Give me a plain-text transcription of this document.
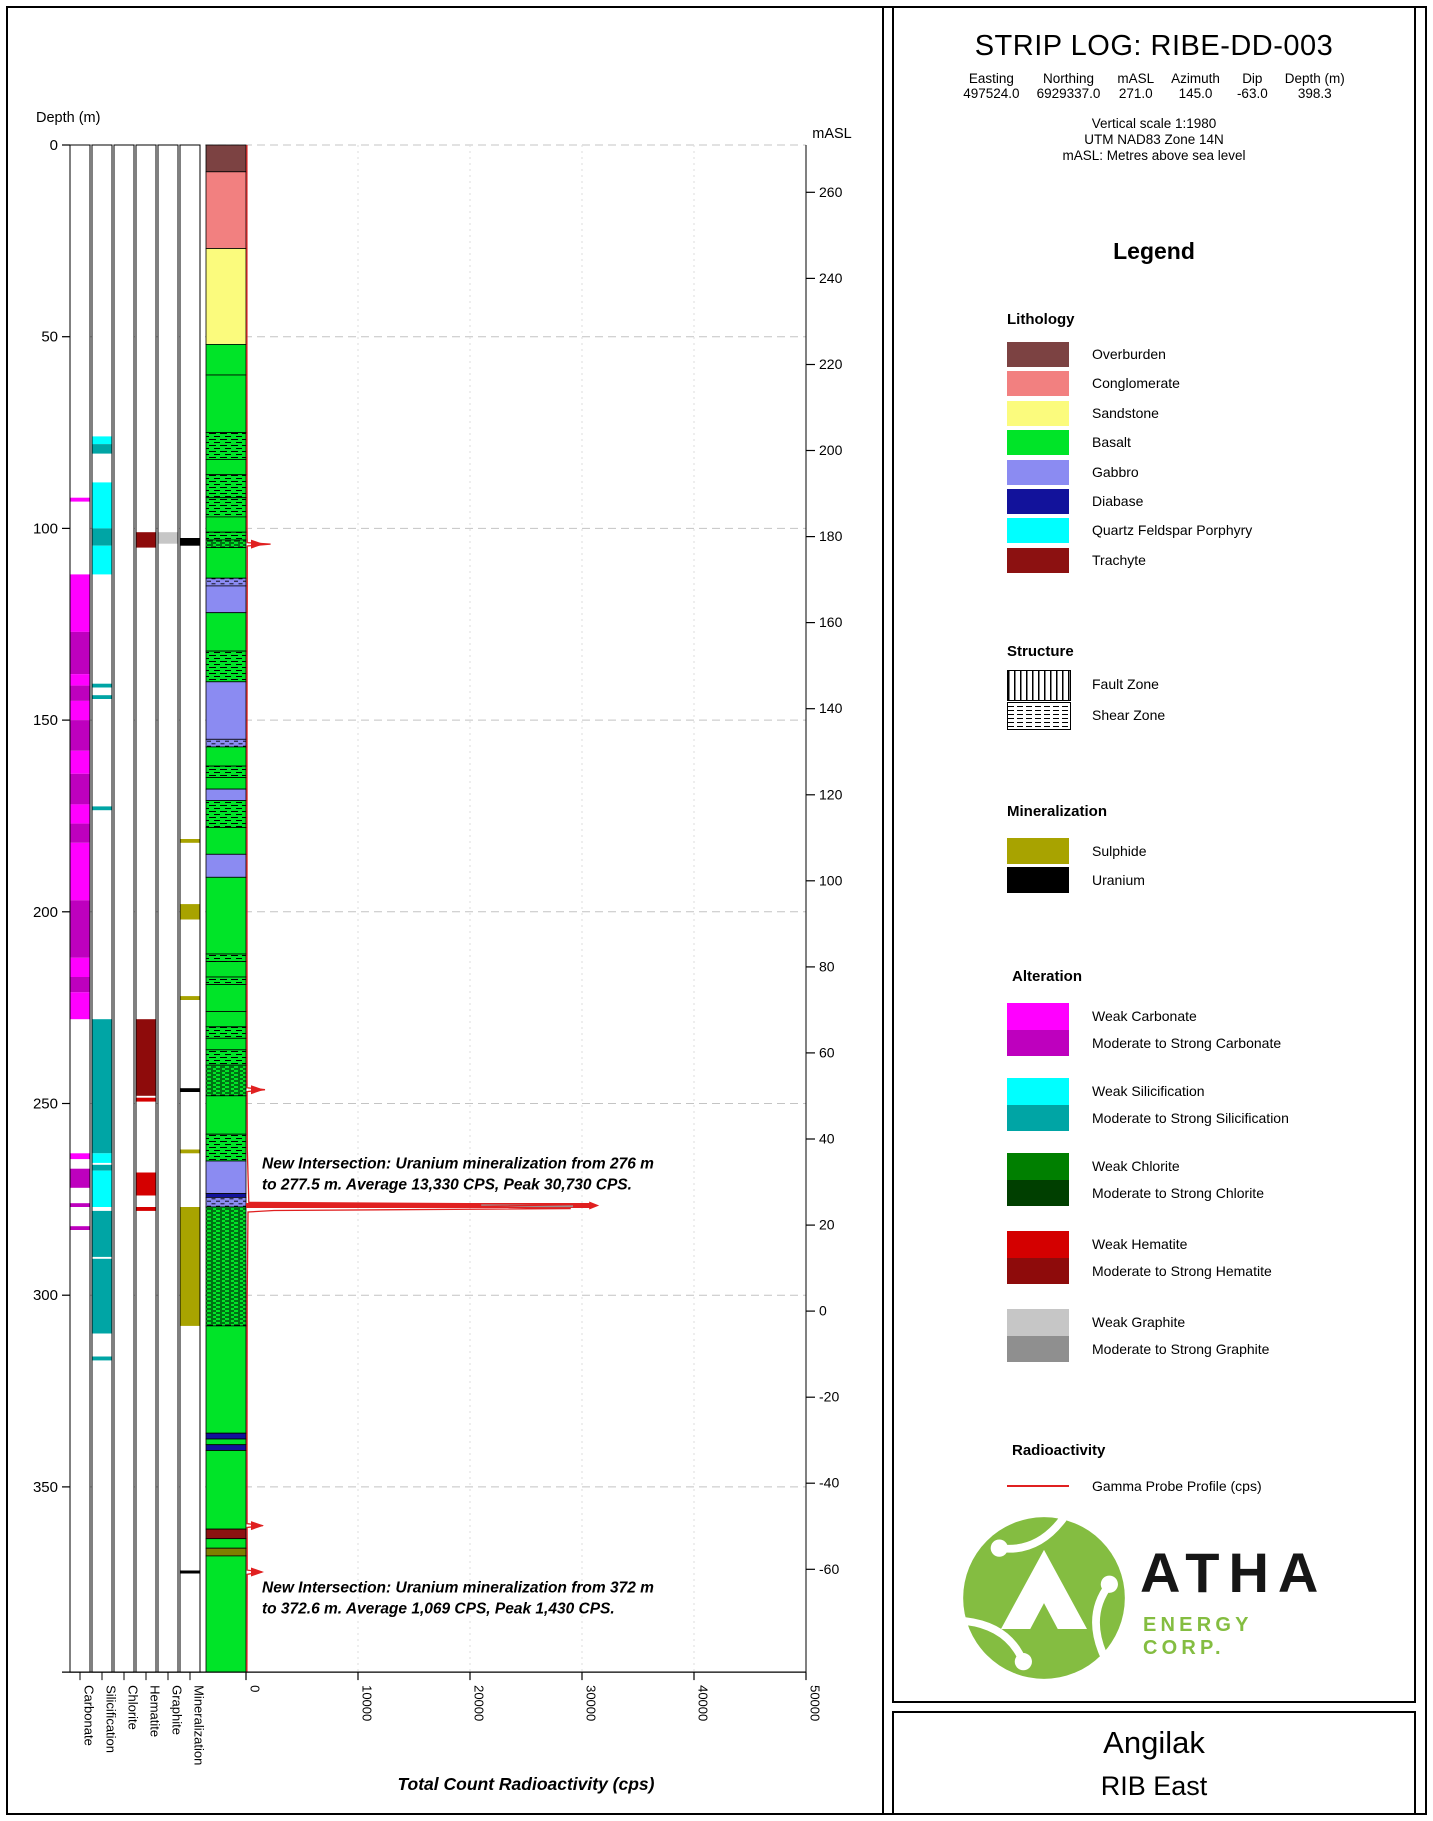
Depth (m)
0
50
100
150
200
250
300
350
mASL
260
240
220
200
180
160
140
120
100
80
60
40
20
0
-20
-40
-60
0	10000	20000	30000	40000	50000
Total Count Radioactivity (cps)
Carbonate Silicification Chlorite Hematite Graphite Mineralization
New Intersection: Uranium mineralization from 276 m to 277.5 m. Average 13,330 CPS, Peak 30,730 CPS.
New Intersection: Uranium mineralization from 372 m to 372.6 m. Average 1,069 CPS, Peak 1,430 CPS.
STRIP LOG: RIBE-DD-003
Easting
497524.0
Northing
6929337.0
mASL
271.0
Azimuth
145.0
Dip
-63.0
Depth (m)
398.3
Vertical scale 1:1980
UTM NAD83 Zone 14N
mASL: Metres above sea level
Legend
Lithology
Structure
Mineralization
Alteration
Radioactivity
ATHA
ENERGY CORP.
Overburden
Conglomerate
Sandstone
Basalt
Gabbro
Diabase
Quartz Feldspar Porphyry
Trachyte
Fault Zone
Shear Zone
Sulphide
Uranium
Weak Carbonate
Moderate to Strong Carbonate
Weak Silicification
Moderate to Strong Silicification
Weak Chlorite
Moderate to Strong Chlorite
Weak Hematite
Moderate to Strong Hematite
Weak Graphite
Moderate to Strong Graphite
Gamma Probe Profile (cps)
Angilak
RIB East
